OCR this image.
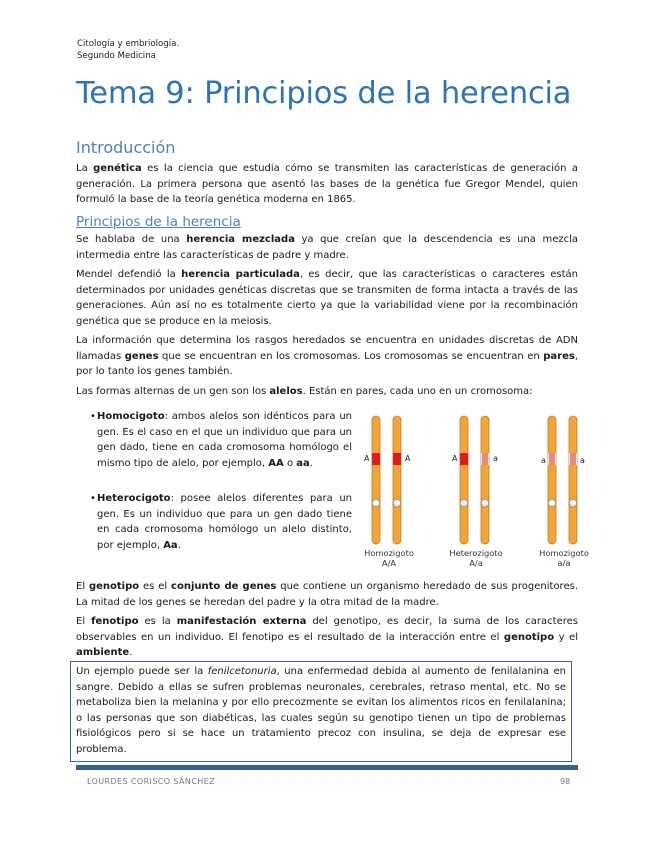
Citología y embriología.
Segundo Medicina
Tema 9: Principios de la herencia
Introducción

La genética es la ciencia que estudia cómo se transmiten las características de generación a generación. La primera persona que asentó las bases de la genética fue Gregor Mendel, quien formuló la base de la teoría genética moderna en 1865.

Principios de la herencia

Se hablaba de una herencia mezclada ya que creían que la descendencia es una mezcla intermedia entre las características de padre y madre.

Mendel defendió la herencia particulada, es decir, que las características o caracteres están determinados por unidades genéticas discretas que se transmiten de forma intacta a través de las generaciones. Aún así no es totalmente cierto ya que la variabilidad viene por la recombinación genética que se produce en la meiosis.

La información que determina los rasgos heredados se encuentra en unidades discretas de ADN llamadas genes que se encuentran en los cromosomas. Los cromosomas se encuentran en pares, por lo tanto los genes también.

Las formas alternas de un gen son los alelos. Están en pares, cada uno en un cromosoma:

• Homocigoto: ambos alelos son idénticos para un gen. Es el caso en el que un individuo que para un gen dado, tiene en cada cromosoma homólogo el mismo tipo de alelo, por ejemplo, AA o aa.
• Heterocigoto: posee alelos diferentes para un gen. Es un individuo que para un gen dado tiene en cada cromosoma homólogo un alelo distinto, por ejemplo, Aa.
A	A	A	a	a	a
Homozigoto
A/A
Heterozigoto
A/a
Homozigoto
a/a

El genotipo es el conjunto de genes que contiene un organismo heredado de sus progenitores. La mitad de los genes se heredan del padre y la otra mitad de la madre.

El fenotipo es la manifestación externa del genotipo, es decir, la suma de los caracteres observables en un individuo. El fenotipo es el resultado de la interacción entre el genotipo y el ambiente.

Un ejemplo puede ser la fenilcetonuria, una enfermedad debida al aumento de fenilalanina en sangre. Debido a ellas se sufren problemas neuronales, cerebrales, retraso mental, etc. No se metaboliza bien la melanina y por ello precozmente se evitan los alimentos ricos en fenilalanina; o las personas que son diabéticas, las cuales según su genotipo tienen un tipo de problemas fisiológicos pero si se hace un tratamiento precoz con insulina, se deja de expresar ese problema.

LOURDES CORISCO SÁNCHEZ	98
